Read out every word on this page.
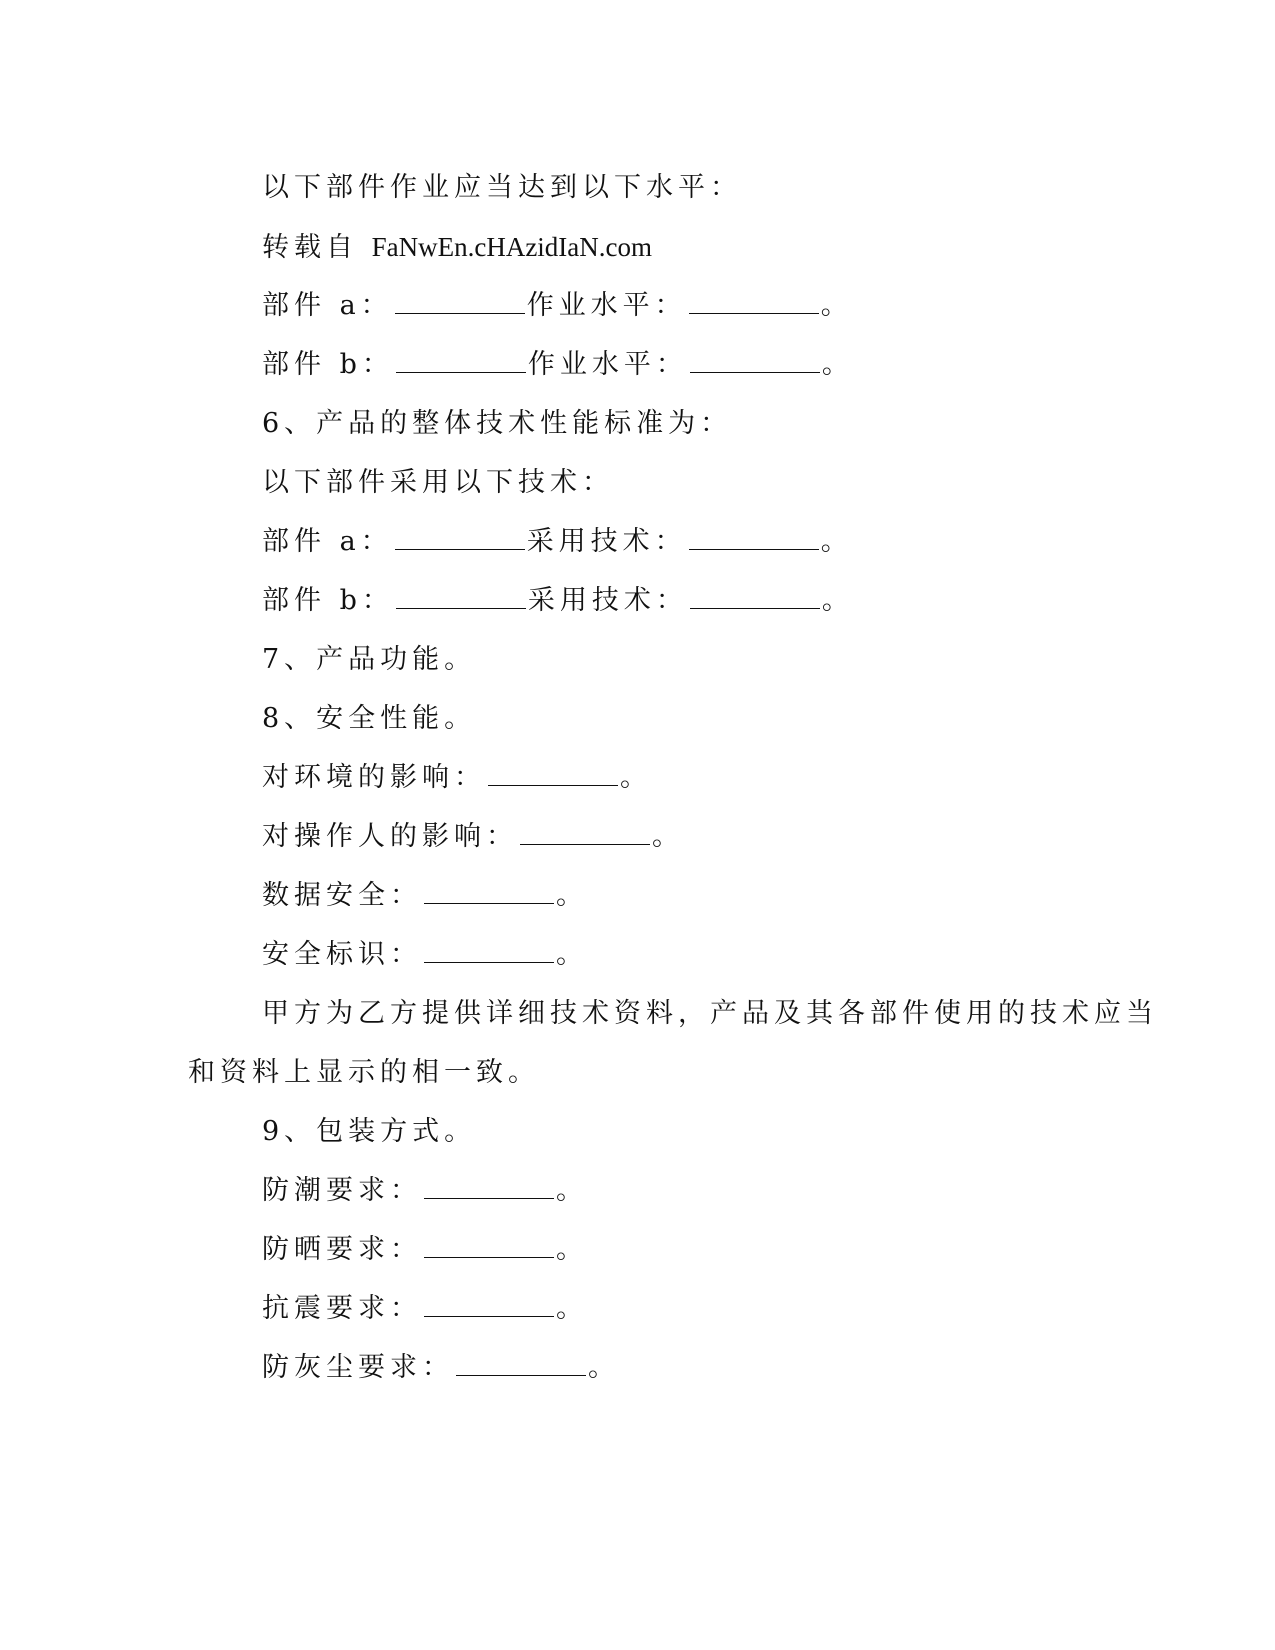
以下部件作业应当达到以下水平：
转载自 FaNwEn.cHAzidIaN.com
部件 a：	作业水平：	。
部件 b：	作业水平：	。
6、产品的整体技术性能标准为：
以下部件采用以下技术：
部件 a：	采用技术：	。
部件 b：	采用技术：	。
7、产品功能。
8、安全性能。
对环境的影响：	。
对操作人的影响：	。
数据安全：	。
安全标识：	。
甲方为乙方提供详细技术资料，产品及其各部件使用的技术应当
和资料上显示的相一致。
9、包装方式。
防潮要求：	。
防晒要求：	。
抗震要求：	。
防灰尘要求：	。
